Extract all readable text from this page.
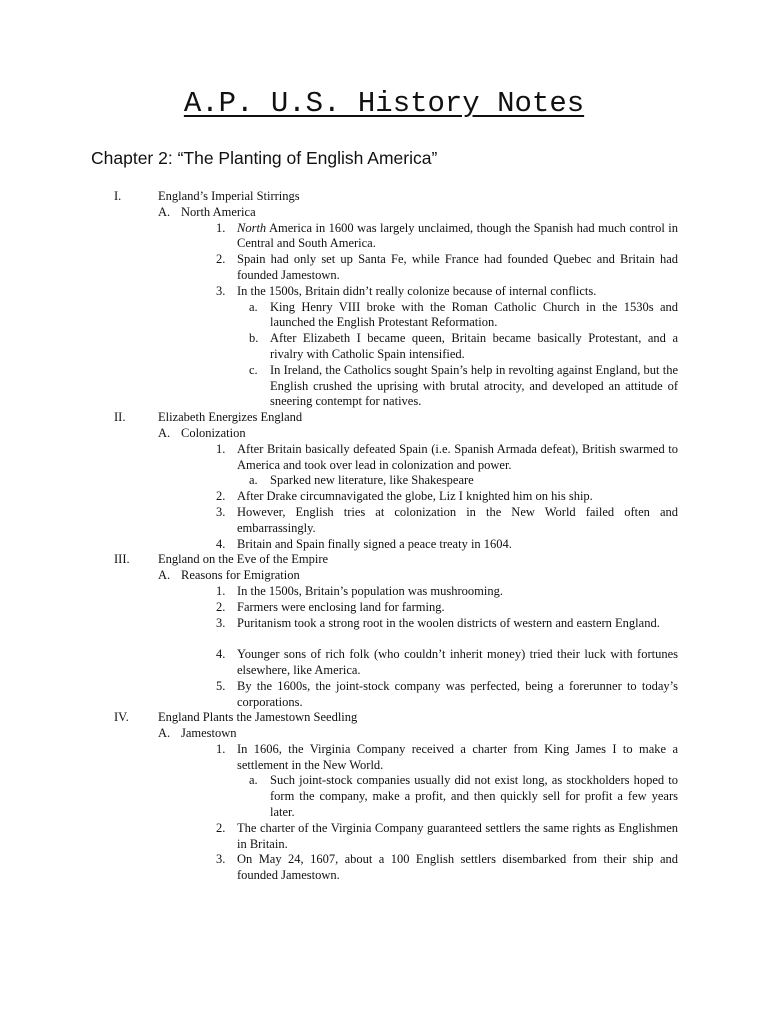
A.P. U.S. History Notes
Chapter 2: “The Planting of English America”
I.	England’s Imperial Stirrings
A. North America
1. North America in 1600 was largely unclaimed, though the Spanish had much control in Central and South America.
2. Spain had only set up Santa Fe, while France had founded Quebec and Britain had founded Jamestown.
3. In the 1500s, Britain didn’t really colonize because of internal conflicts.
a. King Henry VIII broke with the Roman Catholic Church in the 1530s and launched the English Protestant Reformation.
b. After Elizabeth I became queen, Britain became basically Protestant, and a rivalry with Catholic Spain intensified.
c. In Ireland, the Catholics sought Spain’s help in revolting against England, but the English crushed the uprising with brutal atrocity, and developed an attitude of sneering contempt for natives.
II.	Elizabeth Energizes England
A. Colonization
1. After Britain basically defeated Spain (i.e. Spanish Armada defeat), British swarmed to America and took over lead in colonization and power.
a. Sparked new literature, like Shakespeare
2. After Drake circumnavigated the globe, Liz I knighted him on his ship.
3. However, English tries at colonization in the New World failed often and embarrassingly.
4. Britain and Spain finally signed a peace treaty in 1604.
III. England on the Eve of the Empire
A. Reasons for Emigration
1. In the 1500s, Britain’s population was mushrooming.
2. Farmers were enclosing land for farming.
3. Puritanism took a strong root in the woolen districts of western and eastern England.
4. Younger sons of rich folk (who couldn’t inherit money) tried their luck with fortunes elsewhere, like America.
5. By the 1600s, the joint-stock company was perfected, being a forerunner to today’s corporations.
IV. England Plants the Jamestown Seedling
A. Jamestown
1. In 1606, the Virginia Company received a charter from King James I to make a settlement in the New World.
a. Such joint-stock companies usually did not exist long, as stockholders hoped to form the company, make a profit, and then quickly sell for profit a few years later.
2. The charter of the Virginia Company guaranteed settlers the same rights as Englishmen in Britain.
3. On May 24, 1607, about a 100 English settlers disembarked from their ship and founded Jamestown.
